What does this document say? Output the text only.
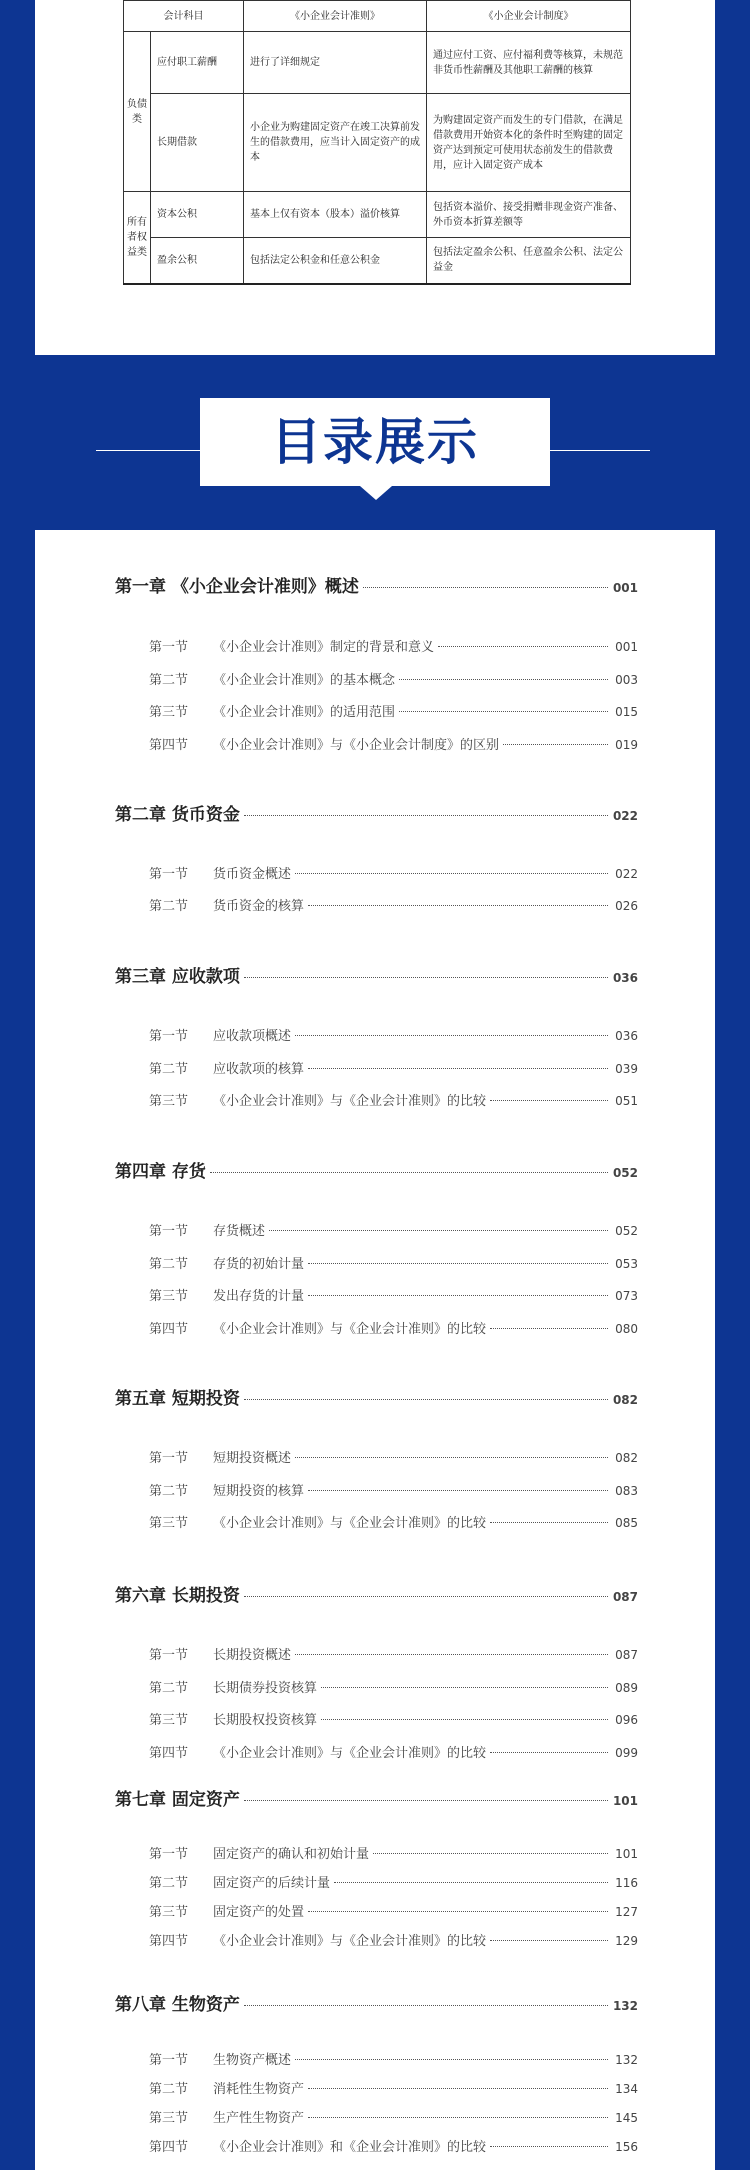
会计科目		《小企业会计准则》	《小企业会计制度》
负债类	应付职工薪酬	进行了详细规定	通过应付工资、应付福利费等核算，未规范非货币性薪酬及其他职工薪酬的核算
	长期借款	小企业为购建固定资产在竣工决算前发生的借款费用，应当计入固定资产的成本	为购建固定资产而发生的专门借款，在满足借款费用开始资本化的条件时至购建的固定资产达到预定可使用状态前发生的借款费用，应计入固定资产成本
所有者权益类	资本公积	基本上仅有资本（股本）溢价核算	包括资本溢价、接受捐赠非现金资产准备、外币资本折算差额等
	盈余公积	包括法定公积金和任意公积金	包括法定盈余公积、任意盈余公积、法定公益金
目录展示
第一章 《小企业会计准则》概述	001
第一节 《小企业会计准则》制定的背景和意义	001
第二节 《小企业会计准则》的基本概念	003
第三节 《小企业会计准则》的适用范围	015
第四节 《小企业会计准则》与《小企业会计制度》的区别	019
第二章 货币资金	022
第一节 货币资金概述	022
第二节 货币资金的核算	026
第三章 应收款项	036
第一节 应收款项概述	036
第二节 应收款项的核算	039
第三节 《小企业会计准则》与《企业会计准则》的比较	051
第四章 存货	052
第一节 存货概述	052
第二节 存货的初始计量	053
第三节 发出存货的计量	073
第四节 《小企业会计准则》与《企业会计准则》的比较	080
第五章 短期投资	082
第一节 短期投资概述	082
第二节 短期投资的核算	083
第三节 《小企业会计准则》与《企业会计准则》的比较	085
第六章 长期投资	087
第一节 长期投资概述	087
第二节 长期债券投资核算	089
第三节 长期股权投资核算	096
第四节 《小企业会计准则》与《企业会计准则》的比较	099
第七章 固定资产	101
第一节 固定资产的确认和初始计量	101
第二节 固定资产的后续计量	116
第三节 固定资产的处置	127
第四节 《小企业会计准则》与《企业会计准则》的比较	129
第八章 生物资产	132
第一节 生物资产概述	132
第二节 消耗性生物资产	134
第三节 生产性生物资产	145
第四节 《小企业会计准则》和《企业会计准则》的比较	156
